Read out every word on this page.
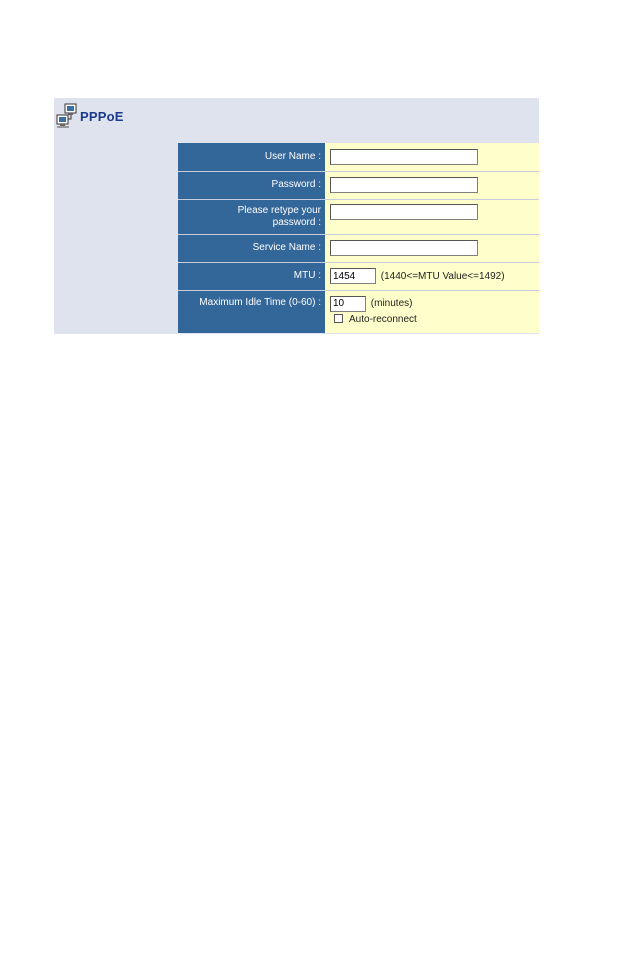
PPPoE
User Name :	

Password :	

Please retype your
password :	

Service Name :	

MTU :	1454(1440<=MTU Value<=1492)
Maximum Idle Time (0-60) :	10(minutes)
Auto-reconnect
